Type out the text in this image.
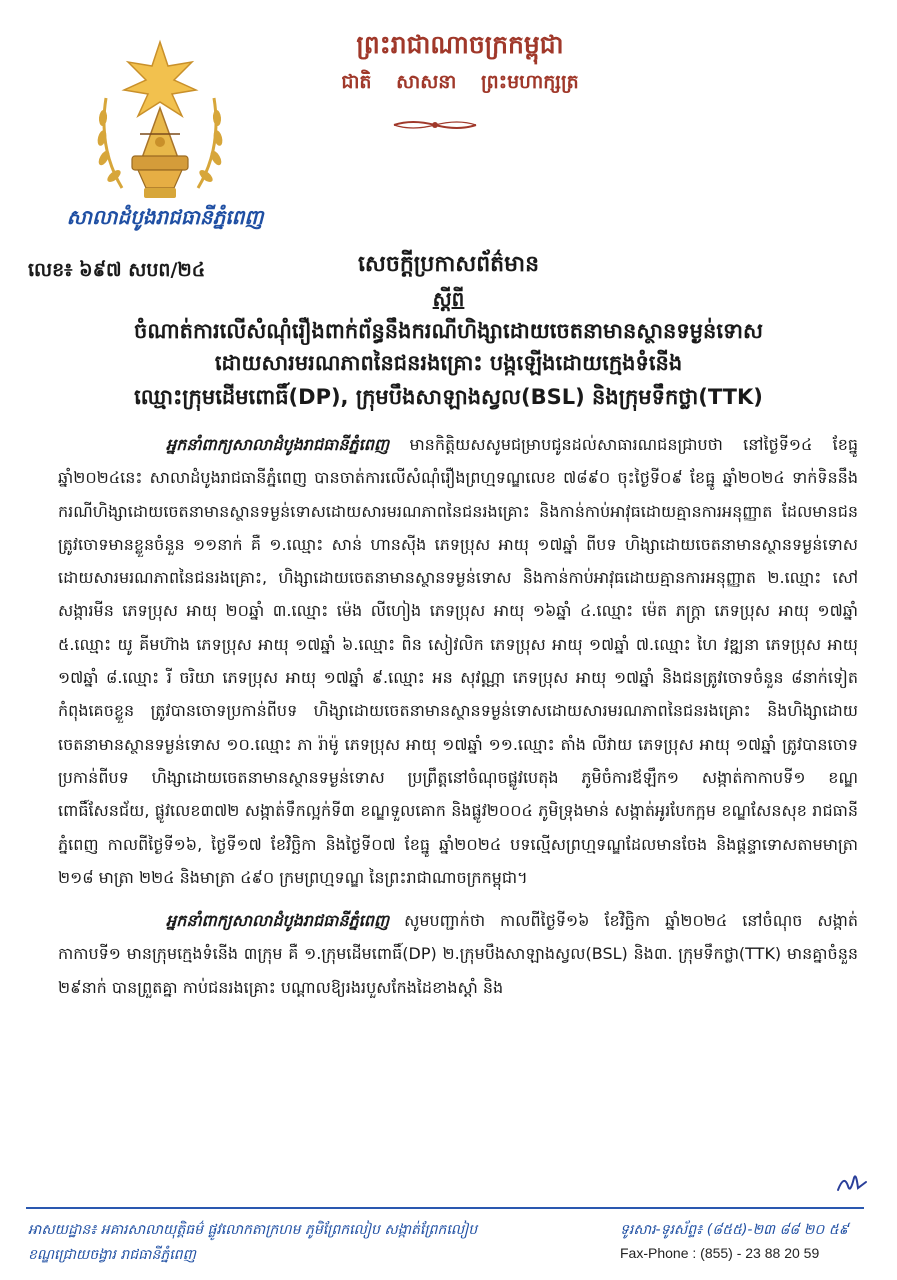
សាលាដំបូងរាជធានីភ្នំពេញ
លេខ៖ ៦៩៧ សបព/២៤
ព្រះរាជាណាចក្រកម្ពុជា
ជាតិ សាសនា ព្រះមហាក្សត្រ
សេចក្តីប្រកាសព័ត៌មាន
ស្តីពី
ចំណាត់ការលើសំណុំរឿងពាក់ព័ន្ធនឹងករណីហិង្សាដោយចេតនាមានស្ថានទម្ងន់ទោស
ដោយសារមរណភាពនៃជនរងគ្រោះ បង្កឡើងដោយក្មេងទំនើង
ឈ្មោះក្រុមដើមពោធិ៍(DP), ក្រុមបឹងសាឡាងស្វល(BSL) និងក្រុមទឹកថ្លា(TTK)

អ្នកនាំពាក្យសាលាដំបូងរាជធានីភ្នំពេញ មានកិត្តិយសសូមជម្រាបជូនដល់សាធារណជនជ្រាបថា នៅថ្ងៃទី១៤ ខែធ្នូ ឆ្នាំ២០២៤នេះ សាលាដំបូងរាជធានីភ្នំពេញ បានចាត់ការលើសំណុំរឿងព្រហ្មទណ្ឌលេខ ៧៨៩០ ចុះថ្ងៃទី០៩ ខែធ្នូ ឆ្នាំ២០២៤ ទាក់ទិននឹងករណីហិង្សាដោយចេតនាមានស្ថានទម្ងន់ទោសដោយសារមរណភាពនៃជនរងគ្រោះ និងកាន់កាប់អាវុធដោយគ្មានការអនុញ្ញាត ដែលមានជនត្រូវចោទមានខ្លួនចំនួន ១១នាក់ គឺ ១.ឈ្មោះ សាន់ ហានស៊ីង ភេទប្រុស អាយុ ១៧ឆ្នាំ ពីបទ ហិង្សាដោយចេតនាមានស្ថានទម្ងន់ទោសដោយសារមរណភាពនៃជនរងគ្រោះ, ហិង្សាដោយចេតនាមានស្ថានទម្ងន់ទោស និងកាន់កាប់អាវុធដោយគ្មានការអនុញ្ញាត ២.ឈ្មោះ សៅ សង្ការមីន ភេទប្រុស អាយុ ២០ឆ្នាំ ៣.ឈ្មោះ ម៉េង លីហៀង ភេទប្រុស អាយុ ១៦ឆ្នាំ ៤.ឈ្មោះ ម៉េត ភក្ត្រា ភេទប្រុស អាយុ ១៧ឆ្នាំ ៥.ឈ្មោះ យូ គីមហ៊ាង ភេទប្រុស អាយុ ១៧ឆ្នាំ ៦.ឈ្មោះ ពិន សៀវលិក ភេទប្រុស អាយុ ១៧ឆ្នាំ ៧.ឈ្មោះ ហៃ វឌ្ឍនា ភេទប្រុស អាយុ ១៧ឆ្នាំ ៨.ឈ្មោះ រី ចរិយា ភេទប្រុស អាយុ ១៧ឆ្នាំ ៩.ឈ្មោះ អន សុវណ្ណា ភេទប្រុស អាយុ ១៧ឆ្នាំ និងជនត្រូវចោទចំនួន ៨នាក់ទៀត កំពុងគេចខ្លួន ត្រូវបានចោទប្រកាន់ពីបទ ហិង្សាដោយចេតនាមានស្ថានទម្ងន់ទោសដោយសារមរណភាពនៃជនរងគ្រោះ និងហិង្សាដោយចេតនាមានស្ថានទម្ងន់ទោស ១០.ឈ្មោះ ភា រ៉ាម៉ូ ភេទប្រុស អាយុ ១៧ឆ្នាំ ១១.ឈ្មោះ តាំង លីវាយ ភេទប្រុស អាយុ ១៧ឆ្នាំ ត្រូវបានចោទប្រកាន់ពីបទ ហិង្សាដោយចេតនាមានស្ថានទម្ងន់ទោស ប្រព្រឹត្តនៅចំណុចផ្លូវបេតុង ភូមិចំការឪឡឹក១ សង្កាត់កាកាបទី១ ខណ្ឌពោធិ៍សែនជ័យ, ផ្លូវលេខ៣៧២ សង្កាត់ទឹកល្អក់ទី៣ ខណ្ឌទួលគោក និងផ្លូវ២០០៤ ភូមិទ្រុងមាន់ សង្កាត់អូរបែកក្អម ខណ្ឌសែនសុខ រាជធានីភ្នំពេញ កាលពីថ្ងៃទី១៦, ថ្ងៃទី១៧ ខែវិច្ឆិកា និងថ្ងៃទី០៧ ខែធ្នូ ឆ្នាំ២០២៤ បទល្មើសព្រហ្មទណ្ឌដែលមានចែង និងផ្តន្ទាទោសតាមមាត្រា ២១៨ មាត្រា ២២៤ និងមាត្រា ៤៩០ ក្រមព្រហ្មទណ្ឌ នៃព្រះរាជាណាចក្រកម្ពុជា។

អ្នកនាំពាក្យសាលាដំបូងរាជធានីភ្នំពេញ សូមបញ្ជាក់ថា កាលពីថ្ងៃទី១៦ ខែវិច្ឆិកា ឆ្នាំ២០២៤ នៅចំណុច សង្កាត់កាកាបទី១ មានក្រុមក្មេងទំនើង ៣ក្រុម គឺ ១.ក្រុមដើមពោធិ៍(DP) ២.ក្រុមបឹងសាឡាងស្វល(BSL) និង៣. ក្រុមទឹកថ្លា(TTK) មានគ្នាចំនួន ២៩នាក់ បានព្រួតគ្នា កាប់ជនរងគ្រោះ បណ្តាលឱ្យរងរបួសកែងដៃខាងស្តាំ និង

អាសយដ្ឋាន៖ អគារសាលាយុត្តិធម៌ ផ្លូវលោកតាក្រហម ភូមិព្រែកលៀប សង្កាត់ព្រែកលៀប
ខណ្ឌជ្រោយចង្វារ រាជធានីភ្នំពេញ
ទូរសារ-ទូរស័ព្ទ៖ (៨៥៥)-២៣ ៨៨ ២០ ៥៩
Fax-Phone : (855) - 23 88 20 59
